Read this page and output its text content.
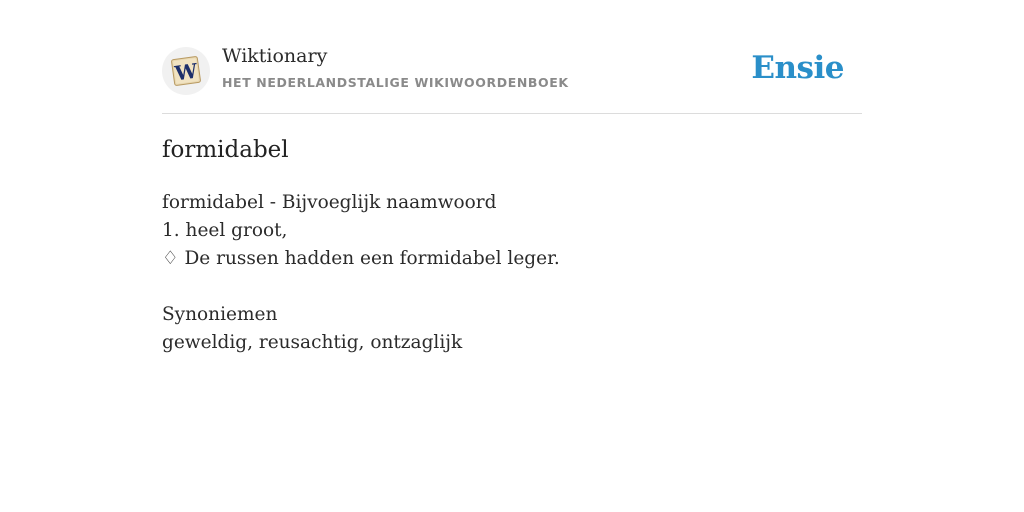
W
Wiktionary
HET NEDERLANDSTALIGE WIKIWOORDENBOEK	Ensie
formidabel
formidabel - Bijvoeglijk naamwoord
1. heel groot,
♢ De russen hadden een formidabel leger.
Synoniemen
geweldig, reusachtig, ontzaglijk
